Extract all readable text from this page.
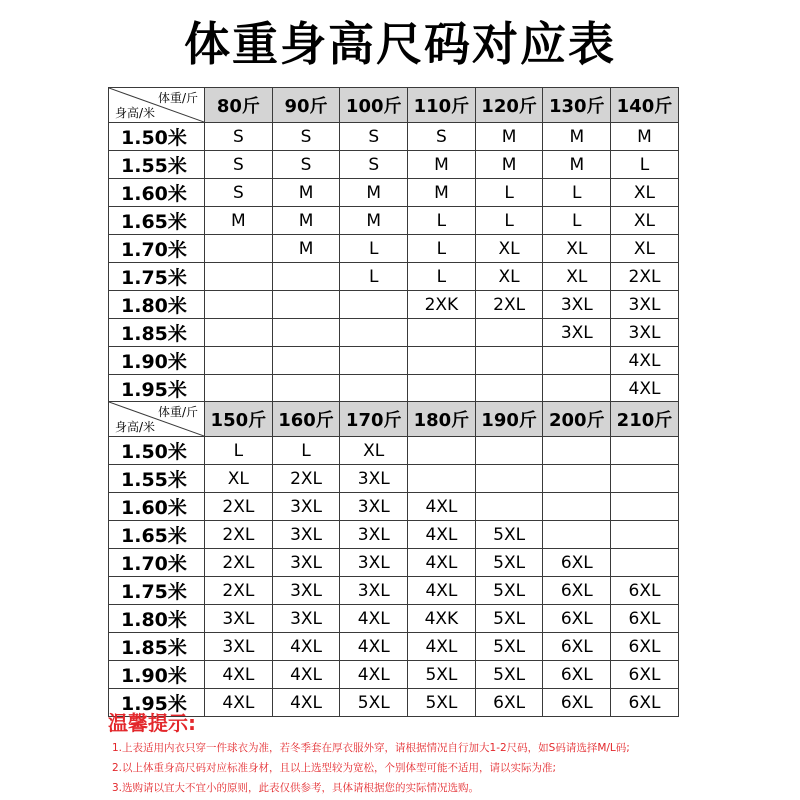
体重身高尺码对应表
体重/斤
身高/米	80斤	90斤	100斤	110斤	120斤	130斤	140斤
1.50米	S	S	S	S	M	M	M
1.55米	S	S	S	M	M	M	L
1.60米	S	M	M	M	L	L	XL
1.65米	M	M	M	L	L	L	XL
1.70米		M	L	L	XL	XL	XL
1.75米			L	L	XL	XL	2XL
1.80米				2XK	2XL	3XL	3XL
1.85米						3XL	3XL
1.90米							4XL
1.95米							4XL
体重/斤
身高/米	150斤	160斤	170斤	180斤	190斤	200斤	210斤
1.50米	L	L	XL				
1.55米	XL	2XL	3XL				
1.60米	2XL	3XL	3XL	4XL			
1.65米	2XL	3XL	3XL	4XL	5XL		
1.70米	2XL	3XL	3XL	4XL	5XL	6XL	
1.75米	2XL	3XL	3XL	4XL	5XL	6XL	6XL
1.80米	3XL	3XL	4XL	4XK	5XL	6XL	6XL
1.85米	3XL	4XL	4XL	4XL	5XL	6XL	6XL
1.90米	4XL	4XL	4XL	5XL	5XL	6XL	6XL
1.95米	4XL	4XL	5XL	5XL	6XL	6XL	6XL
温馨提示:
1.上表适用内衣只穿一件球衣为准，若冬季套在厚衣服外穿，请根据情况自行加大1-2尺码，如S码请选择M/L码;
2.以上体重身高尺码对应标准身材，且以上选型较为宽松，个别体型可能不适用，请以实际为准;
3.选购请以宜大不宜小的原则，此表仅供参考，具体请根据您的实际情况选购。
